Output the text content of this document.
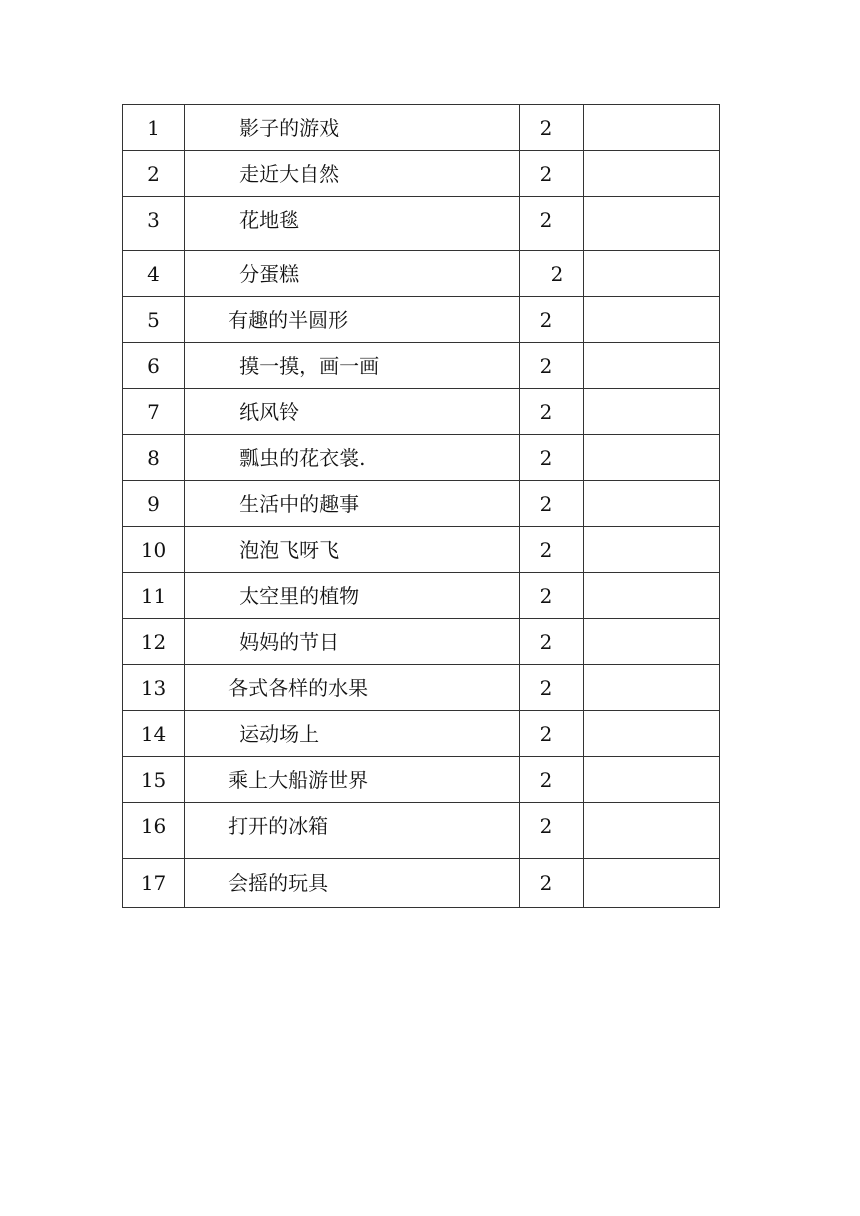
1	影子的游戏	2	
2	走近大自然	2	
3	花地毯	2	
4	分蛋糕	2	
5	有趣的半圆形	2	
6	摸一摸，画一画	2	
7	纸风铃	2	
8	瓢虫的花衣裳.	2	
9	生活中的趣事	2	
10	泡泡飞呀飞	2	
11	太空里的植物	2	
12	妈妈的节日	2	
13	各式各样的水果	2	
14	运动场上	2	
15	乘上大船游世界	2	
16	打开的冰箱	2	
17	会摇的玩具	2	
